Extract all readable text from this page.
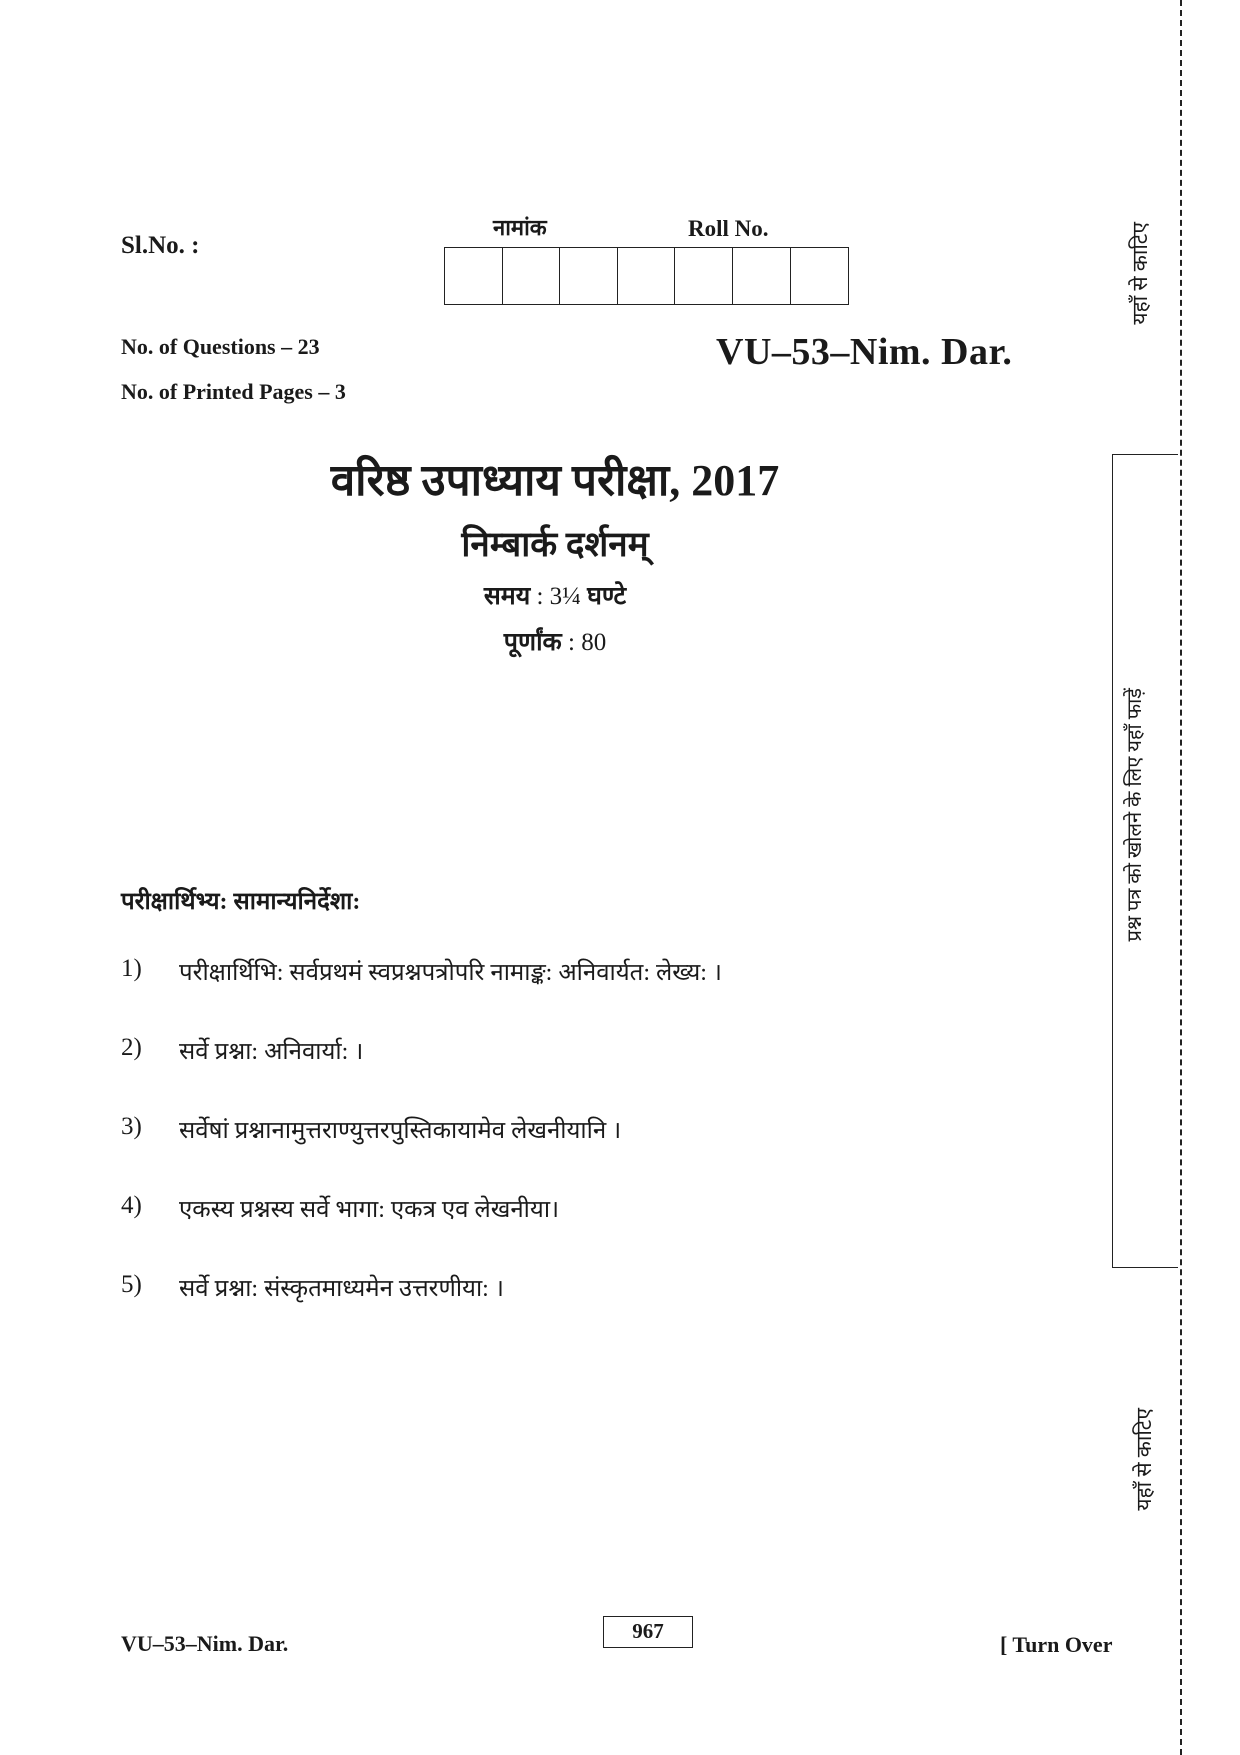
Sl.No. :
नामांक	Roll No.
No. of Questions – 23
No. of Printed Pages – 3
VU–53–Nim. Dar.
वरिष्ठ उपाध्याय परीक्षा, 2017
निम्बार्क दर्शनम्
समय : 3¼ घण्टे
पूर्णांक : 80
परीक्षार्थिभ्य: सामान्यनिर्देशा:
1)	परीक्षार्थिभि: सर्वप्रथमं स्वप्रश्नपत्रोपरि नामाङ्क: अनिवार्यत: लेख्य: ।
2)	सर्वे प्रश्ना: अनिवार्या: ।
3)	सर्वेषां प्रश्नानामुत्तराण्युत्तरपुस्तिकायामेव लेखनीयानि ।
4)	एकस्य प्रश्नस्य सर्वे भागा: एकत्र एव लेखनीया।
5)	सर्वे प्रश्ना: संस्कृतमाध्यमेन उत्तरणीया: ।
VU–53–Nim. Dar.	967
[ Turn Over
यहाँ से काटिए
प्रश्न पत्र को खोलने के लिए यहाँ फाड़ें
यहाँ से काटिए
